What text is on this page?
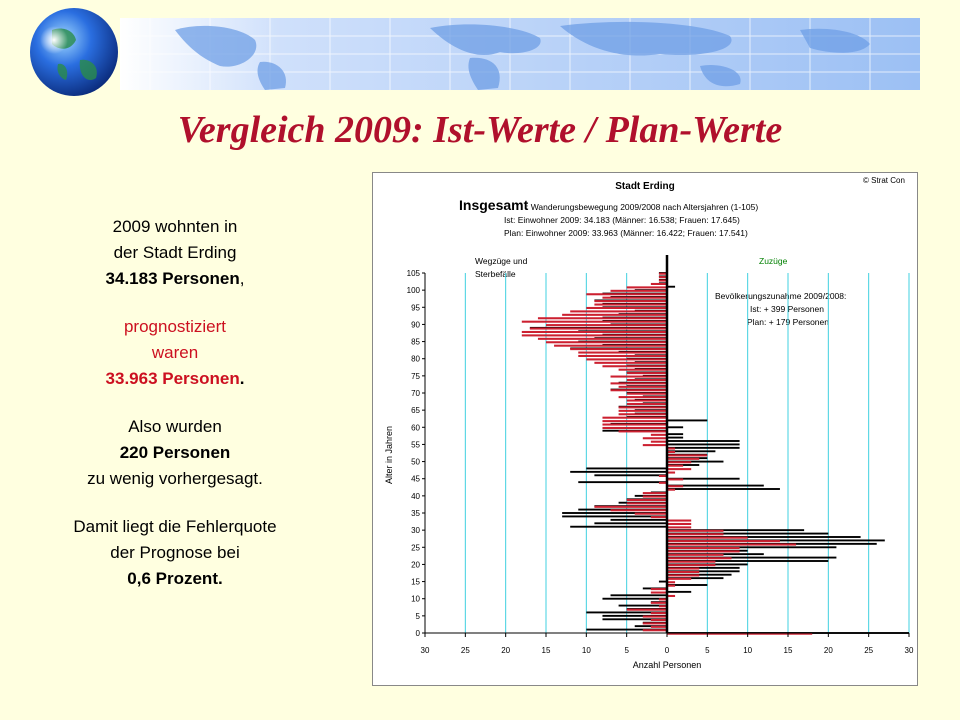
Vergleich 2009: Ist-Werte / Plan-Werte
2009 wohnten in
der Stadt Erding
34.183 Personen,
prognostiziert
waren
33.963 Personen.
Also wurden
220 Personen
zu wenig vorhergesagt.
Damit liegt die Fehlerquote
der Prognose bei
0,6 Prozent.
Stadt Erding
© Strat Con
Insgesamt
: Wanderungsbewegung 2009/2008 nach Altersjahren (1-105)
Ist: Einwohner 2009: 34.183 (Männer: 16.538; Frauen: 17.645)
Plan: Einwohner 2009: 33.963 (Männer: 16.422; Frauen: 17.541)
Wegzüge und
Sterbefälle
Zuzüge
Bevölkerungszunahme 2009/2008:
Ist: + 399 Personen
Plan: + 179 Personen
Anzahl Personen
Alter in Jahren
30	25	20	15	10	5	0	5	10	15	20	25	30
0
5
10
15
20
25
30
35
40
45
50
55
60
65
70
75
80
85
90
95
100
105
